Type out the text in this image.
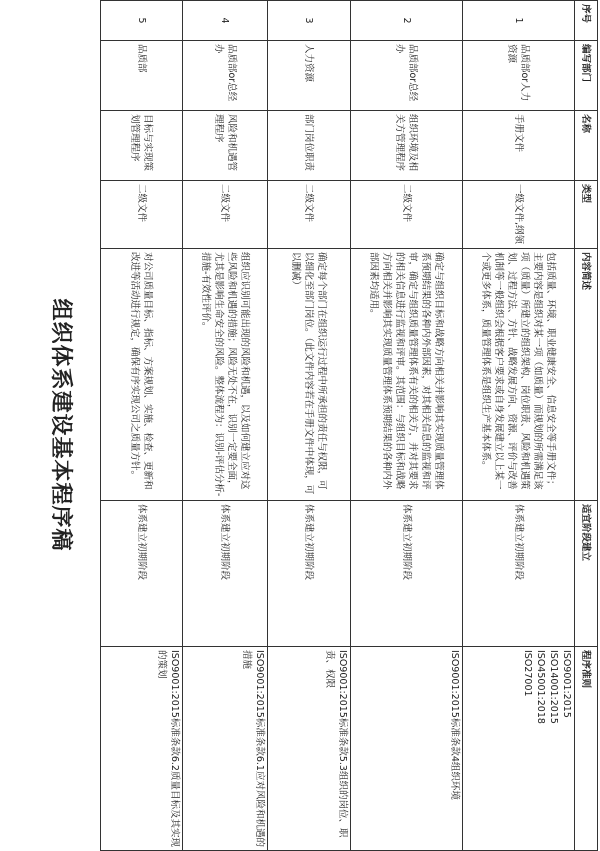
组织体系建设基本程序稿
序号	编写部门	名称	类型	内容简述	适宜阶段建立	程序准则
1	品质部or人力资源	手册文件	一级文件,纲领	包括质量、环境、职业健康安全、信息安全等手册文件；主要内容是组织对某一项（如质量）而规划的所需满足该项（质量）所建立的组织架构、岗位职责、风险和机遇策划、过程方法、方针、战略发展方向、资源、评价与改善机制等一般组织会根据客户要求或自身发展建立以上某一个或更多体系，质量管理体系是组织生产基本体系。	体系建立初期阶段	ISO9001:2015
ISO14001:2015
ISO45001:2018
ISO27001

2	品质部or总经办	组织环境及相关方管理程序	二级文件	确定与组织目标和战略方向相关并影响其实现质量管理体系预期结果的各种内外部因素，对其相关信息的监视和评审，确定与组织质量管理体系有关的相关方，并对其要求的相关信息进行监视和评审。其范围：与组织目标和战略方向相关并影响其实现质量管理体系预期结果的各种内外部因素均适用。	体系建立初期阶段	ISO9001:2015标准条款4组织环境

3	人力资源	部门岗位职责	二级文件	确定每个部门在组织运行过程中所承担的责任与权限，可以细化至部门岗位。（此文件内容若在手册文件中体现，可以删减）	体系建立初期阶段	ISO9001:2015标准条款5.3组织的岗位、职责、权限

4	品质部or总经办	风险和机遇管理程序	二级文件	组织应识别可能出现的风险和机遇，以及如何建立应对这些风险和机遇的措施；风险无处不在，识别一定要全面，尤其是影响生命安全的风险。整体流程为：识别-评估分析-措施-有效性评价。	体系建立初期阶段	ISO9001:2015标准条款6.1应对风险和机遇的措施

5	品质部	目标与实现策划管理程序	二级文件	对公司质量目标、指标、方案规划、实施、检查、更新和改进等活动进行规定，确保有序实现公司之质量方针。	体系建立初期阶段	ISO9001:2015标准条款6.2质量目标及其实现的策划
